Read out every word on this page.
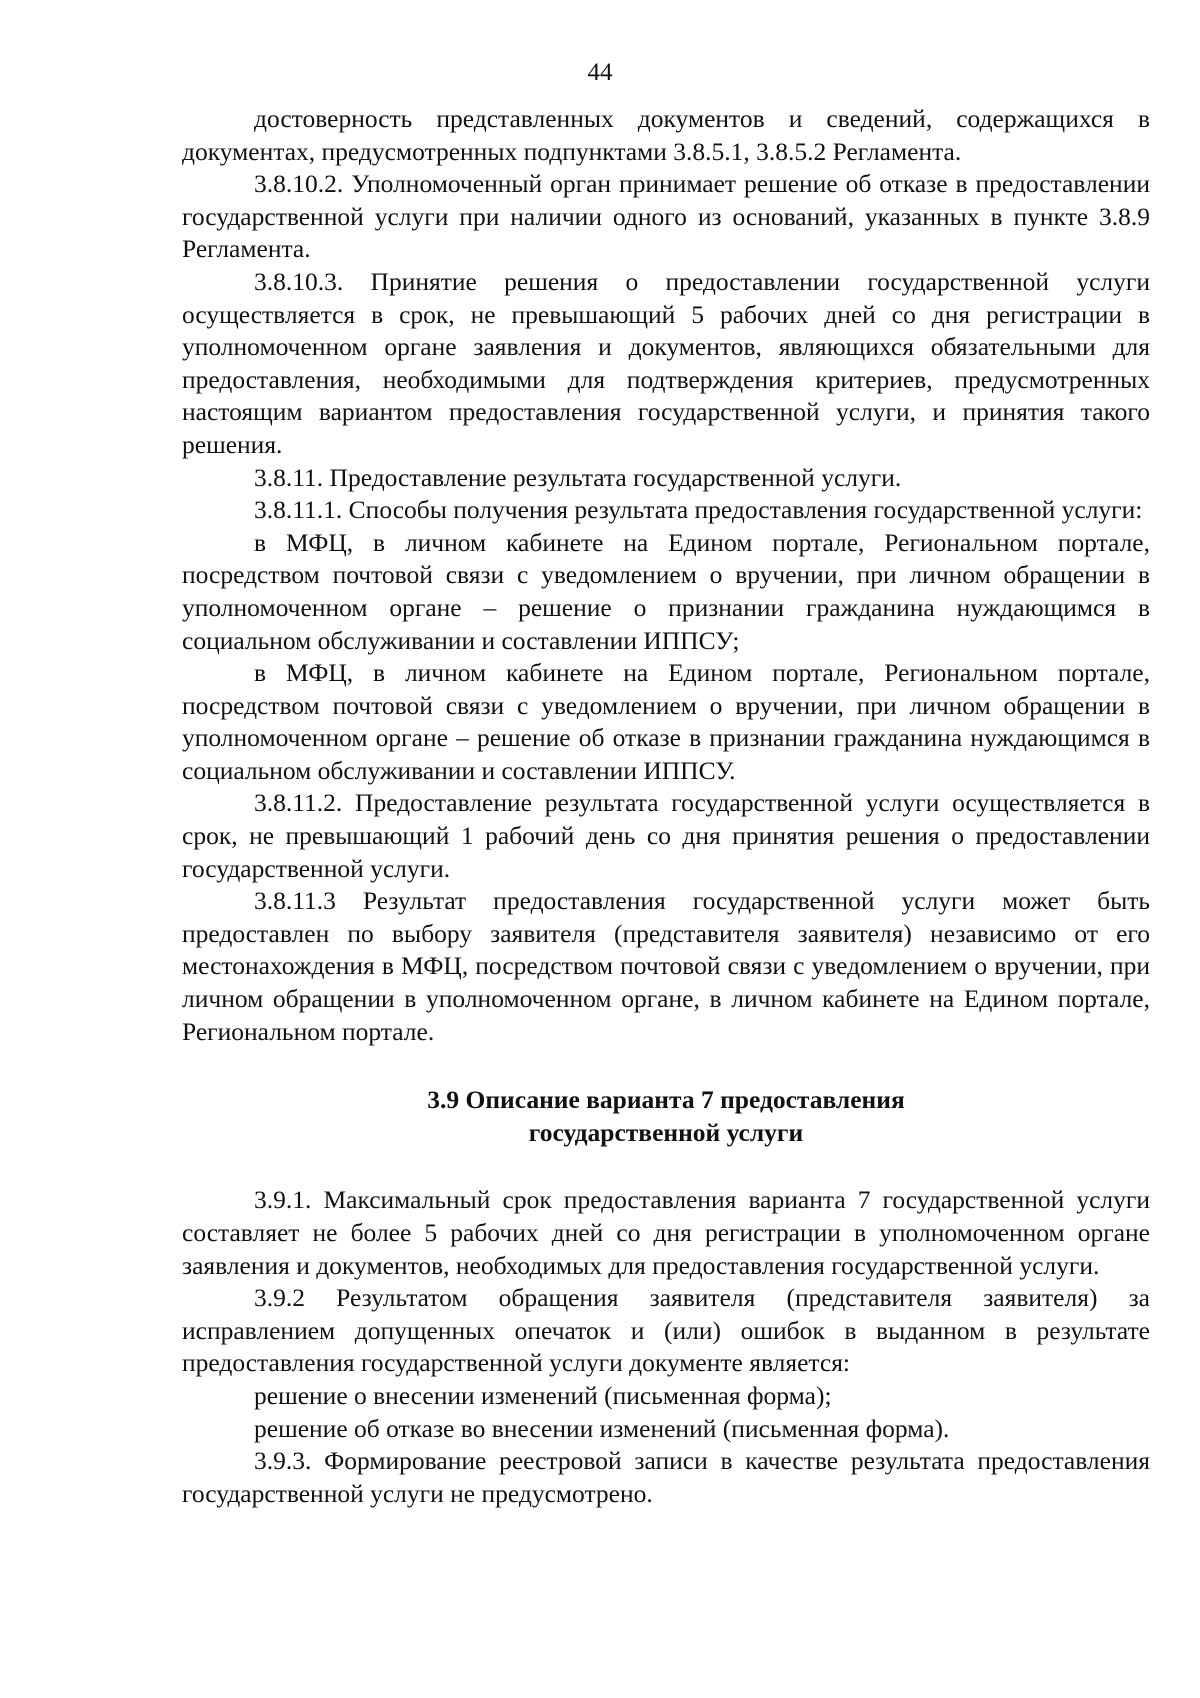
44

достоверность представленных документов и сведений, содержащихся в документах, предусмотренных подпунктами 3.8.5.1, 3.8.5.2 Регламента.

3.8.10.2. Уполномоченный орган принимает решение об отказе в предоставлении государственной услуги при наличии одного из оснований, указанных в пункте 3.8.9 Регламента.

3.8.10.3. Принятие решения о предоставлении государственной услуги осуществляется в срок, не превышающий 5 рабочих дней со дня регистрации в уполномоченном органе заявления и документов, являющихся обязательными для предоставления, необходимыми для подтверждения критериев, предусмотренных настоящим вариантом предоставления государственной услуги, и принятия такого решения.

3.8.11. Предоставление результата государственной услуги.

3.8.11.1. Способы получения результата предоставления государственной услуги:

в МФЦ, в личном кабинете на Едином портале, Региональном портале, посредством почтовой связи с уведомлением о вручении, при личном обращении в уполномоченном органе – решение о признании гражданина нуждающимся в социальном обслуживании и составлении ИППСУ;

в МФЦ, в личном кабинете на Едином портале, Региональном портале, посредством почтовой связи с уведомлением о вручении, при личном обращении в уполномоченном органе – решение об отказе в признании гражданина нуждающимся в социальном обслуживании и составлении ИППСУ.

3.8.11.2. Предоставление результата государственной услуги осуществляется в срок, не превышающий 1 рабочий день со дня принятия решения о предоставлении государственной услуги.

3.8.11.3 Результат предоставления государственной услуги может быть предоставлен по выбору заявителя (представителя заявителя) независимо от его местонахождения в МФЦ, посредством почтовой связи с уведомлением о вручении, при личном обращении в уполномоченном органе, в личном кабинете на Едином портале, Региональном портале.

3.9 Описание варианта 7 предоставления
государственной услуги

3.9.1. Максимальный срок предоставления варианта 7 государственной услуги составляет не более 5 рабочих дней со дня регистрации в уполномоченном органе заявления и документов, необходимых для предоставления государственной услуги.

3.9.2 Результатом обращения заявителя (представителя заявителя) за исправлением допущенных опечаток и (или) ошибок в выданном в результате предоставления государственной услуги документе является:

решение о внесении изменений (письменная форма);

решение об отказе во внесении изменений (письменная форма).

3.9.3. Формирование реестровой записи в качестве результата предоставления государственной услуги не предусмотрено.
